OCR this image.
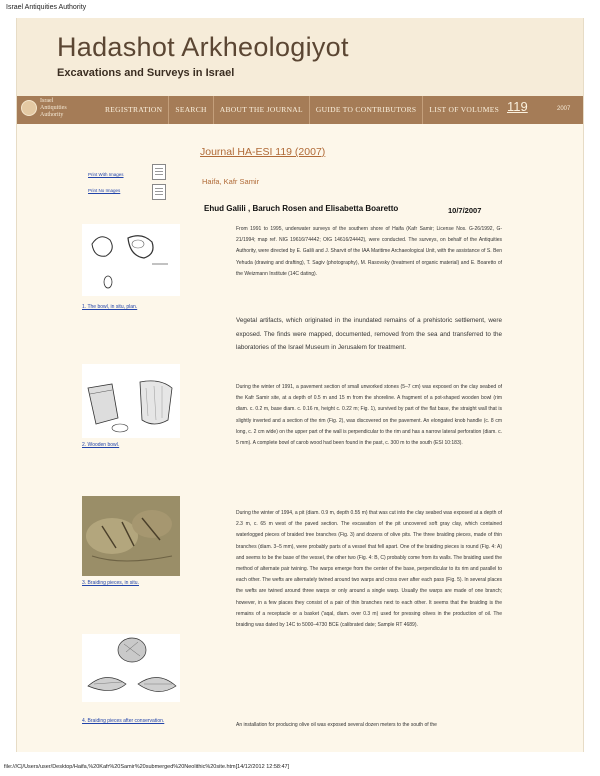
Israel Antiquities Authority
Hadashot Arkheologiyot
Excavations and Surveys in Israel
Israel
Antiquities
Authority
REGISTRATION	SEARCH	ABOUT THE JOURNAL	GUIDE TO CONTRIBUTORS	LIST OF VOLUMES 119	2007
Print With Images
Print No Images
Journal HA-ESI 119 (2007)
Haifa, Kafr Samir
Ehud Galili , Baruch Rosen and Elisabetta Boaretto	10/7/2007
1. The bowl, in situ, plan.
2. Wooden bowl.
3. Braiding pieces, in situ.
4. Braiding pieces after conservation.
From 1991 to 1995, underwater surveys of the southern shore of Haifa (Kafr Samir; License Nos. G-26/1992, G-21/1994; map ref. NIG 19616/74442; OIG 14616/24442), were conducted. The surveys, on behalf of the Antiquities Authority, were directed by E. Galili and J. Sharvit of the IAA Maritime Archaeological Unit, with the assistance of S. Ben Yehuda (drawing and drafting), T. Sagiv (photography), M. Rasovsky (treatment of organic material) and E. Boaretto of the Weizmann Institute (14C dating).
Vegetal artifacts, which originated in the inundated remains of a prehistoric settlement, were exposed. The finds were mapped, documented, removed from the sea and transferred to the laboratories of the Israel Museum in Jerusalem for treatment.
During the winter of 1991, a pavement section of small unworked stones (5–7 cm) was exposed on the clay seabed of the Kafr Samir site, at a depth of 0.5 m and 15 m from the shoreline. A fragment of a pot-shaped wooden bowl (rim diam. c. 0.2 m, base diam. c. 0.16 m, height c. 0.22 m; Fig. 1), survived by part of the flat base, the straight wall that is slightly inverted and a section of the rim (Fig. 2), was discovered on the pavement. An elongated knob handle (c. 8 cm long, c. 2 cm wide) on the upper part of the wall is perpendicular to the rim and has a narrow lateral perforation (diam. c. 5 mm). A complete bowl of carob wood had been found in the past, c. 300 m to the south (ESI 10:183).
During the winter of 1994, a pit (diam. 0.9 m, depth 0.55 m) that was cut into the clay seabed was exposed at a depth of 2.3 m, c. 65 m west of the paved section. The excavation of the pit uncovered soft gray clay, which contained waterlogged pieces of braided tree branches (Fig. 3) and dozens of olive pits. The three braiding pieces, made of thin branches (diam. 3–5 mm), were probably parts of a vessel that fell apart. One of the braiding pieces is round (Fig. 4: A) and seems to be the base of the vessel, the other two (Fig. 4: B, C) probably come from its walls. The braiding used the method of alternate pair twining. The warps emerge from the center of the base, perpendicular to its rim and parallel to each other. The wefts are alternately twined around two warps and cross over after each pass (Fig. 5). In several places the wefts are twined around three warps or only around a single warp. Usually the warps are made of one branch; however, in a few places they consist of a pair of thin branches next to each other. It seems that the braiding is the remains of a receptacle or a basket ('aqal, diam. over 0.3 m) used for pressing olives in the production of oil. The braiding was dated by 14C to 5000–4730 BCE (calibrated date; Sample RT 4689).
An installation for producing olive oil was exposed several dozen meters to the south of the
file:///C|/Users/user/Desktop/Haifa,%20Kafr%20Samir%20submerged%20Neolithic%20site.htm[14/12/2012 12:58:47]
